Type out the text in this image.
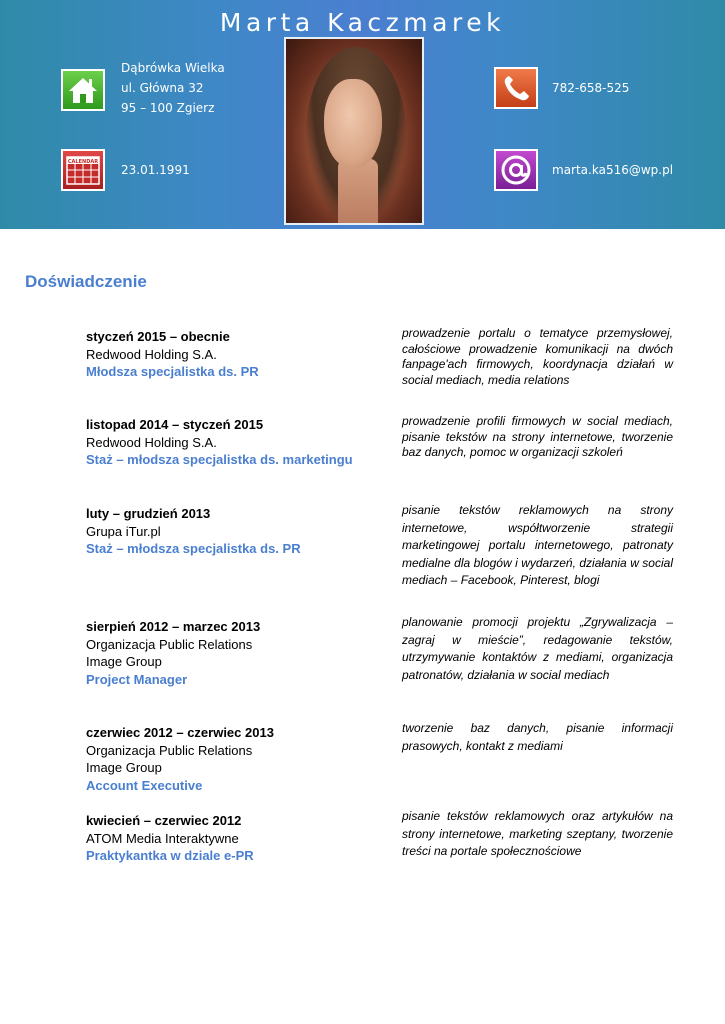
Marta Kaczmarek
Dąbrówka Wielka
ul. Główna 32
95 – 100 Zgierz
CALENDAR
23.01.1991
782-658-525
marta.ka516@wp.pl
Doświadczenie
styczeń 2015 – obecnie
Redwood Holding S.A.
Młodsza specjalistka ds. PR
prowadzenie portalu o tematyce przemysłowej, całościowe prowadzenie komunikacji na dwóch fanpage'ach firmowych, koordynacja działań w social mediach, media relations
listopad 2014 – styczeń 2015
Redwood Holding S.A.
Staż – młodsza specjalistka ds. marketingu
prowadzenie profili firmowych w social mediach, pisanie tekstów na strony internetowe, tworzenie baz danych, pomoc w organizacji szkoleń
luty – grudzień 2013
Grupa iTur.pl
Staż – młodsza specjalistka ds. PR
pisanie tekstów reklamowych na strony internetowe, współtworzenie strategii marketingowej portalu internetowego, patronaty medialne dla blogów i wydarzeń, działania w social mediach – Facebook, Pinterest, blogi
sierpień 2012 – marzec 2013
Organizacja Public Relations
Image Group
Project Manager
planowanie promocji projektu „Zgrywalizacja – zagraj w mieście”, redagowanie tekstów, utrzymywanie kontaktów z mediami, organizacja patronatów, działania w social mediach
czerwiec 2012 – czerwiec 2013
Organizacja Public Relations
Image Group
Account Executive
tworzenie baz danych, pisanie informacji prasowych, kontakt z mediami
kwiecień – czerwiec 2012
ATOM Media Interaktywne
Praktykantka w dziale e-PR
pisanie tekstów reklamowych oraz artykułów na strony internetowe, marketing szeptany, tworzenie treści na portale społecznościowe
